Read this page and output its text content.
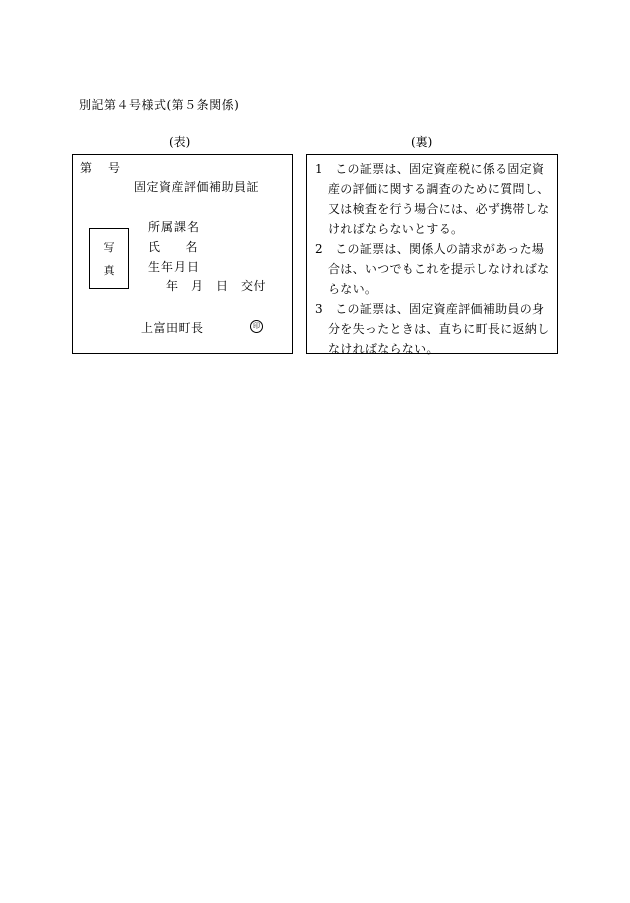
別記第４号様式(第５条関係)
(表)	(裏)
第　号
固定資産評価補助員証
写
真
所属課名
氏　　名
生年月日
年　月　日　交付
上富田町長	印
1　この証票は、固定資産税に係る固定資産の評価に関する調査のために質問し、又は検査を行う場合には、必ず携帯しなければならないとする。
2　この証票は、関係人の請求があった場合は、いつでもこれを提示しなければならない。
3　この証票は、固定資産評価補助員の身分を失ったときは、直ちに町長に返納しなければならない。
